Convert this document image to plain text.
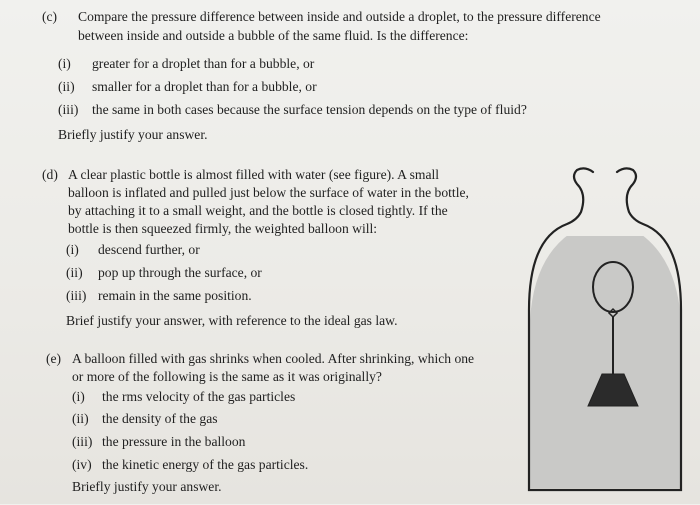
(c) Compare the pressure difference between inside and outside a droplet, to the pressure difference
between inside and outside a bubble of the same fluid. Is the difference:
(i) greater for a droplet than for a bubble, or
(ii) smaller for a droplet than for a bubble, or
(iii) the same in both cases because the surface tension depends on the type of fluid?
Briefly justify your answer.
(d) A clear plastic bottle is almost filled with water (see figure). A small
balloon is inflated and pulled just below the surface of water in the bottle,
by attaching it to a small weight, and the bottle is closed tightly. If the
bottle is then squeezed firmly, the weighted balloon will:
(i) descend further, or
(ii) pop up through the surface, or
(iii) remain in the same position.
Brief justify your answer, with reference to the ideal gas law.
(e) A balloon filled with gas shrinks when cooled. After shrinking, which one
or more of the following is the same as it was originally?
(i) the rms velocity of the gas particles
(ii) the density of the gas
(iii) the pressure in the balloon
(iv) the kinetic energy of the gas particles.
Briefly justify your answer.
